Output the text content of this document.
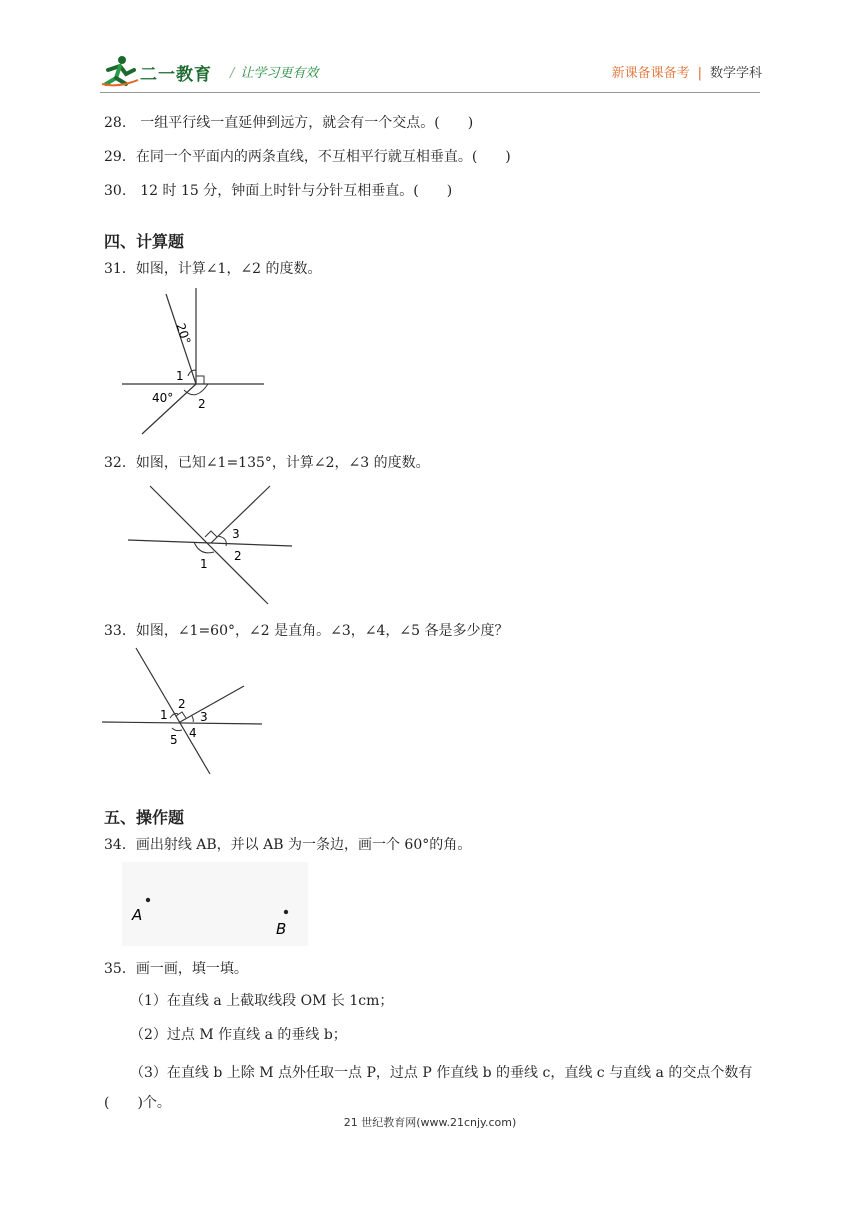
二一教育 / 让学习更有效	新课备课备考 | 数学学科
28.　一组平行线一直延伸到远方，就会有一个交点。(　　)
29．在同一个平面内的两条直线，不互相平行就互相垂直。(　　)
30.　12 时 15 分，钟面上时针与分针互相垂直。(　　)
四、计算题
31．如图，计算∠1，∠2 的度数。
20°
1
40° 2
32．如图，已知∠1=135°，计算∠2，∠3 的度数。
3
2
1
33．如图，∠1=60°，∠2 是直角。∠3，∠4，∠5 各是多少度？
2
1	3
4
5
五、操作题
34．画出射线 AB，并以 AB 为一条边，画一个 60°的角。
A
B
35．画一画，填一填。
（1）在直线 a 上截取线段 OM 长 1cm；
（2）过点 M 作直线 a 的垂线 b；
（3）在直线 b 上除 M 点外任取一点 P，过点 P 作直线 b 的垂线 c，直线 c 与直线 a 的交点个数有(　　)个。
21 世纪教育网(www.21cnjy.com)
